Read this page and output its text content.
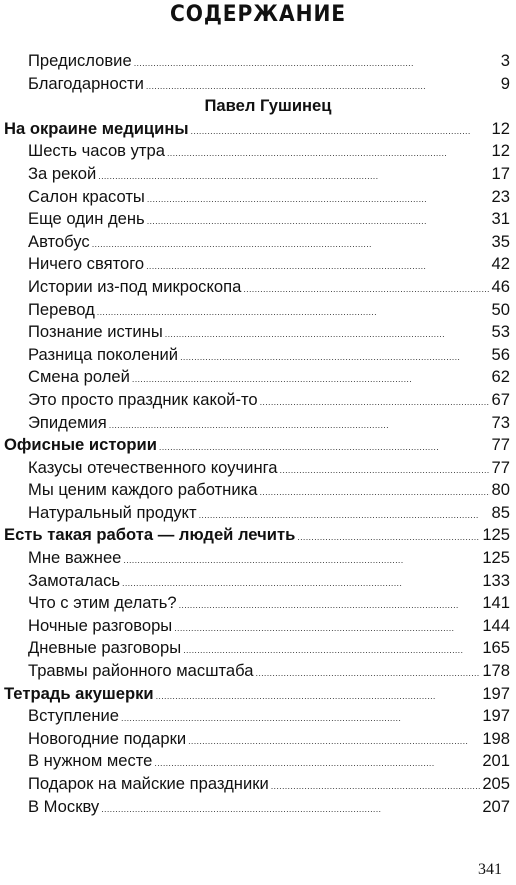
СОДЕРЖАНИЕ
Предисловие . . .	3
Благодарности . . .	9
Павел Гушинец
На окраине медицины . . .	12
Шесть часов утра . . .	12
За рекой . . .	17
Салон красоты . . .	23
Еще один день . . .	31
Автобус . . .	35
Ничего святого . . .	42
Истории из-под микроскопа . . .	46
Перевод . . .	50
Познание истины . . .	53
Разница поколений . . .	56
Смена ролей . . .	62
Это просто праздник какой-то . . .	67
Эпидемия . . .	73
Офисные истории . . .	77
Казусы отечественного коучинга . . .	77
Мы ценим каждого работника . . .	80
Натуральный продукт . . .	85
Есть такая работа — людей лечить . . .	125
Мне важнее . . .	125
Замоталась . . .	133
Что с этим делать? . . .	141
Ночные разговоры . . .	144
Дневные разговоры . . .	165
Травмы районного масштаба . . .	178
Тетрадь акушерки . . .	197
Вступление . . .	197
Новогодние подарки . . .	198
В нужном месте . . .	201
Подарок на майские праздники . . .	205
В Москву . . .	207
341
